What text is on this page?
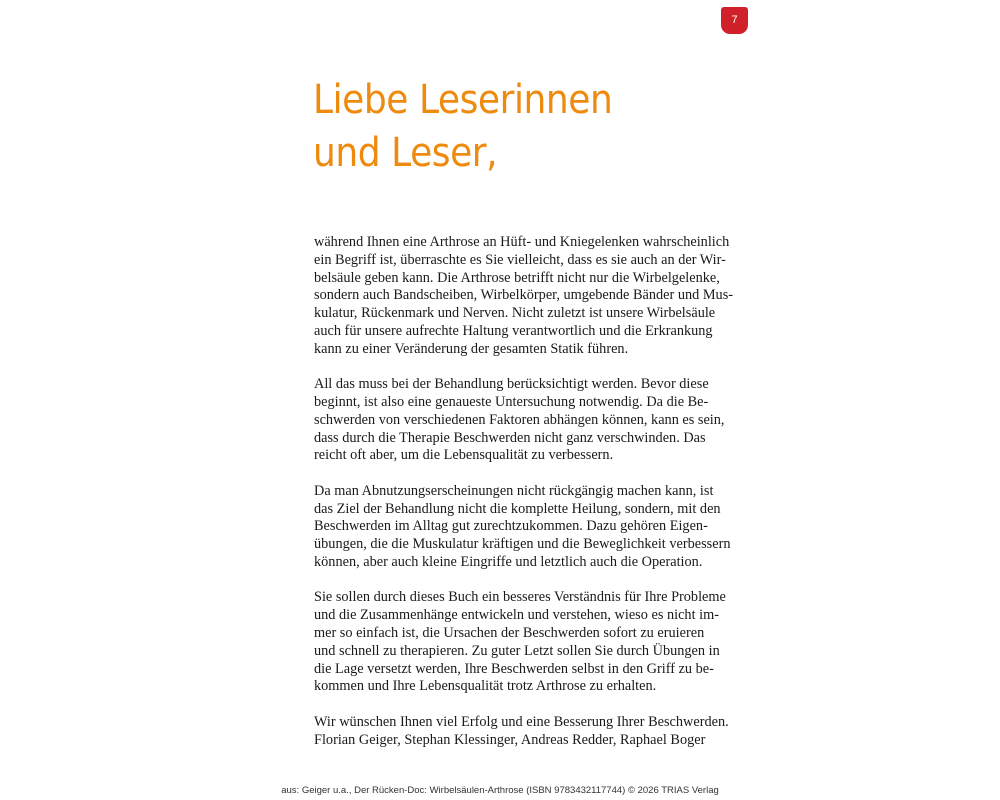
7
Liebe Leserinnen
und Leser,

während Ihnen eine Arthrose an Hüft- und Kniegelenken wahrscheinlich
ein Begriff ist, überraschte es Sie vielleicht, dass es sie auch an der Wir-
belsäule geben kann. Die Arthrose betrifft nicht nur die Wirbelgelenke,
sondern auch Bandscheiben, Wirbelkörper, umgebende Bänder und Mus-
kulatur, Rückenmark und Nerven. Nicht zuletzt ist unsere Wirbelsäule
auch für unsere aufrechte Haltung verantwortlich und die Erkrankung
kann zu einer Veränderung der gesamten Statik führen.

All das muss bei der Behandlung berücksichtigt werden. Bevor diese
beginnt, ist also eine genaueste Untersuchung notwendig. Da die Be-
schwerden von verschiedenen Faktoren abhängen können, kann es sein,
dass durch die Therapie Beschwerden nicht ganz verschwinden. Das
reicht oft aber, um die Lebensqualität zu verbessern.

Da man Abnutzungserscheinungen nicht rückgängig machen kann, ist
das Ziel der Behandlung nicht die komplette Heilung, sondern, mit den
Beschwerden im Alltag gut zurechtzukommen. Dazu gehören Eigen-
übungen, die die Muskulatur kräftigen und die Beweglichkeit verbessern
können, aber auch kleine Eingriffe und letztlich auch die Operation.

Sie sollen durch dieses Buch ein besseres Verständnis für Ihre Probleme
und die Zusammenhänge entwickeln und verstehen, wieso es nicht im-
mer so einfach ist, die Ursachen der Beschwerden sofort zu eruieren
und schnell zu therapieren. Zu guter Letzt sollen Sie durch Übungen in
die Lage versetzt werden, Ihre Beschwerden selbst in den Griff zu be-
kommen und Ihre Lebensqualität trotz Arthrose zu erhalten.

Wir wünschen Ihnen viel Erfolg und eine Besserung Ihrer Beschwerden.
Florian Geiger, Stephan Klessinger, Andreas Redder, Raphael Boger

aus: Geiger u.a., Der Rücken-Doc: Wirbelsäulen-Arthrose (ISBN 9783432117744) © 2026 TRIAS Verlag
